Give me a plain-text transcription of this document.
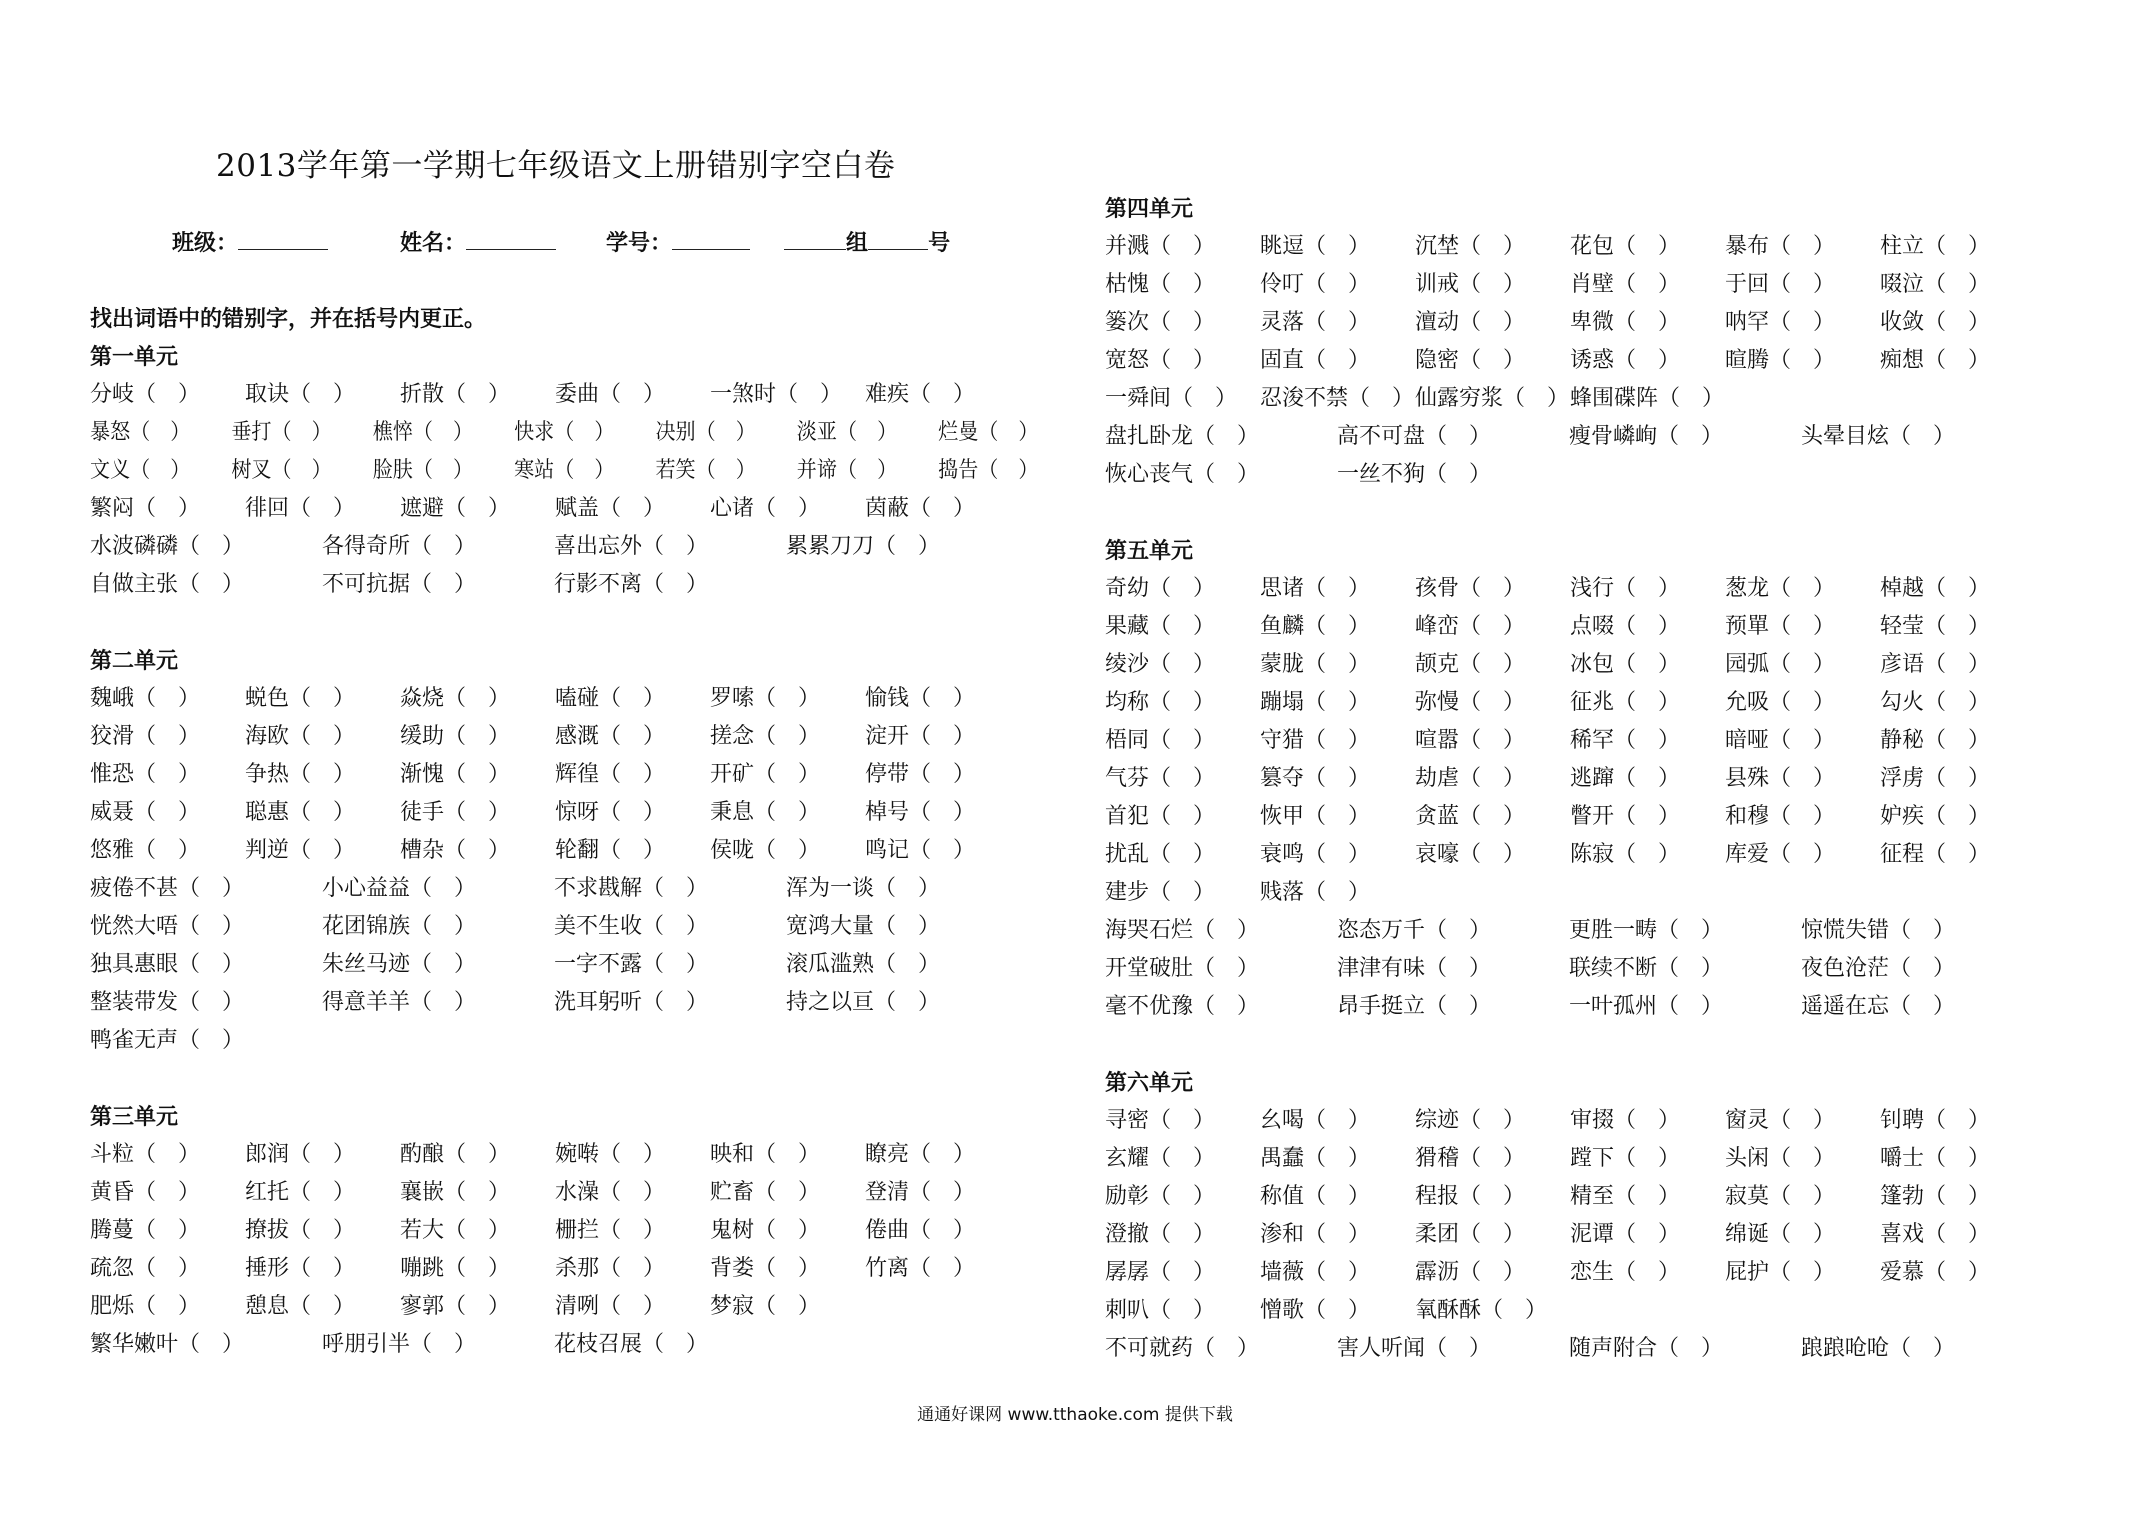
2013学年第一学期七年级语文上册错别字空白卷
班级：	姓名：	学号：	组	号
找出词语中的错别字，并在括号内更正。
第一单元
分岐（　） 取诀（　） 折散（　） 委曲（　） 一煞时（　） 难疾（　）
暴怒（　） 垂打（　） 樵悴（　） 快求（　） 决别（　） 淡亚（　） 烂曼（　）
文义（　） 树叉（　） 脸肤（　） 寒站（　） 若笑（　） 并谛（　） 捣告（　）
繁闷（　） 徘回（　） 遮避（　） 赋盖（　） 心诸（　） 茵蔽（　）
水波磷磷（　）	各得奇所（　）	喜出忘外（　）	累累刀刀（　）
自做主张（　）	不可抗据（　）	行影不离（　）
第二单元
魏峨（　） 蜕色（　） 焱烧（　） 嗑碰（　） 罗嗦（　） 愉钱（　）
狡滑（　） 海欧（　） 缓助（　） 感溉（　） 搓念（　） 淀开（　）
惟恐（　） 争热（　） 渐愧（　） 辉徨（　） 开矿（　） 停带（　）
威聂（　） 聪惠（　） 徒手（　） 惊呀（　） 秉息（　） 棹号（　）
悠雅（　） 判逆（　） 槽杂（　） 轮翻（　） 侯咙（　） 鸣记（　）
疲倦不甚（　）	小心益益（　）	不求戡解（　）	浑为一谈（　）
恍然大唔（　）	花团锦族（　）	美不生收（　）	宽鸿大量（　）
独具惠眼（　）	朱丝马迹（　）	一字不露（　）	滚瓜滥熟（　）
整装带发（　）	得意羊羊（　）	洗耳躬听（　）	持之以亘（　）
鸭雀无声（　）
第三单元
斗粒（　） 郎润（　） 酌酿（　） 婉啭（　） 映和（　） 瞭亮（　）
黄昏（　） 红托（　） 襄嵌（　） 水澡（　） 贮畜（　） 登清（　）
腾蔓（　） 撩拔（　） 若大（　） 栅拦（　） 鬼树（　） 倦曲（　）
疏忽（　） 捶形（　） 嘣跳（　） 杀那（　） 背娄（　） 竹离（　）
肥烁（　） 憩息（　） 寥郭（　） 清咧（　） 梦寂（　）
繁华嫩叶（　）	呼朋引半（　）	花枝召展（　）
第四单元
并溅（　） 眺逗（　） 沉埜（　） 花包（　） 暴布（　） 柱立（　）
枯愧（　） 伶叮（　） 训戒（　） 肖壁（　） 于回（　） 啜泣（　）
篓次（　） 灵落（　） 澶动（　） 卑微（　） 呐罕（　） 收敛（　）
宽怒（　） 固直（　） 隐密（　） 诱惑（　） 暄腾（　） 痴想（　）
一舜间（　） 忍浚不禁（　）仙露穷浆（　）蜂围碟阵（　）
盘扎卧龙（　）	高不可盘（　）	瘦骨嶙峋（　）	头晕目炫（　）
恢心丧气（　）	一丝不狗（　）
第五单元
奇幼（　） 思诸（　） 孩骨（　） 浅行（　） 葱龙（　） 棹越（　）
果藏（　） 鱼麟（　） 峰峦（　） 点啜（　） 预單（　） 轻莹（　）
绫沙（　） 蒙胧（　） 颉克（　） 冰包（　） 园弧（　） 彦语（　）
均称（　） 蹦塌（　） 弥慢（　） 征兆（　） 允吸（　） 勾火（　）
梧同（　） 守猎（　） 喧嚣（　） 稀罕（　） 暗哑（　） 静秘（　）
气芬（　） 篡夺（　） 劫虐（　） 逃蹿（　） 县殊（　） 浮虏（　）
首犯（　） 恢甲（　） 贪蓝（　） 瞥开（　） 和穆（　） 妒疾（　）
扰乱（　） 衰鸣（　） 哀嚎（　） 陈寂（　） 库爱（　） 征程（　）
建步（　） 贱落（　）
海哭石烂（　）	恣态万千（　）	更胜一畴（　）	惊慌失错（　）
开堂破肚（　）	津津有味（　）	联续不断（　）	夜色沧茫（　）
毫不优豫（　）	昂手挺立（　）	一叶孤州（　）	遥遥在忘（　）
第六单元
寻密（　） 幺喝（　） 综迹（　） 审掇（　） 窗灵（　） 钊聘（　）
玄耀（　） 禺蠢（　） 猾稽（　） 蹚下（　） 头闲（　） 嚼士（　）
励彰（　） 称值（　） 程报（　） 精至（　） 寂莫（　） 篷勃（　）
澄撤（　） 渗和（　） 柔团（　） 泥谭（　） 绵诞（　） 喜戏（　）
孱孱（　） 墙薇（　） 霹沥（　） 恋生（　） 屁护（　） 爱慕（　）
刺叭（　） 憎歌（　） 氧酥酥（　）
不可就药（　）	害人听闻（　）	随声附合（　）	踉踉呛呛（　）
通通好课网 www.tthaoke.com 提供下载
